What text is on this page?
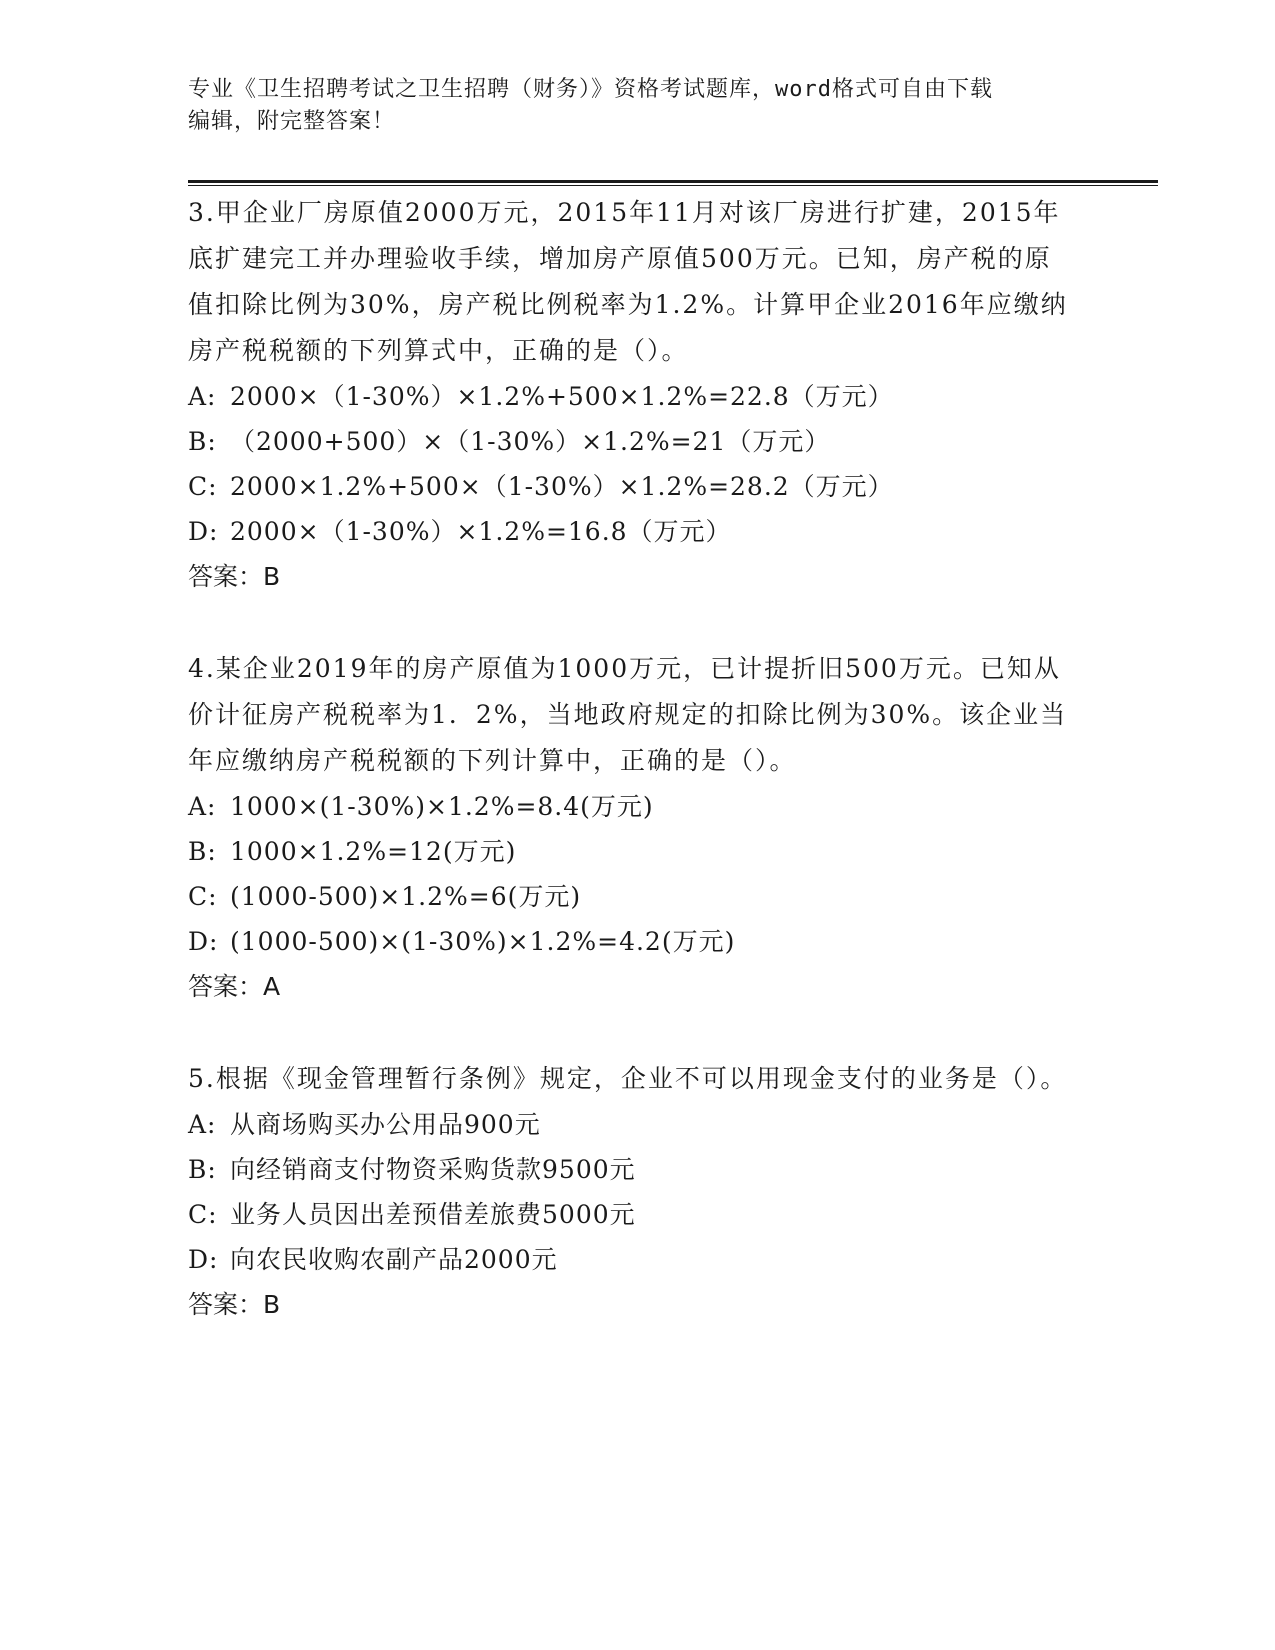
专业《卫生招聘考试之卫生招聘（财务）》资格考试题库，word格式可自由下载
编辑，附完整答案！
3.甲企业厂房原值2000万元，2015年11月对该厂房进行扩建，2015年底扩建完工并办理验收手续，增加房产原值500万元。已知，房产税的原值扣除比例为30%，房产税比例税率为1.2%。计算甲企业2016年应缴纳房产税税额的下列算式中，正确的是（）。
A: 2000×（1-30%）×1.2%+500×1.2%=22.8（万元）
B: （2000+500）×（1-30%）×1.2%=21（万元）
C: 2000×1.2%+500×（1-30%）×1.2%=28.2（万元）
D: 2000×（1-30%）×1.2%=16.8（万元）
答案：B
4.某企业2019年的房产原值为1000万元，已计提折旧500万元。已知从价计征房产税税率为1．2%，当地政府规定的扣除比例为30%。该企业当年应缴纳房产税税额的下列计算中，正确的是（）。
A: 1000×(1-30%)×1.2%=8.4(万元)
B: 1000×1.2%=12(万元)
C: (1000-500)×1.2%=6(万元)
D: (1000-500)×(1-30%)×1.2%=4.2(万元)
答案：A
5.根据《现金管理暂行条例》规定，企业不可以用现金支付的业务是（）。
A: 从商场购买办公用品900元
B: 向经销商支付物资采购货款9500元
C: 业务人员因出差预借差旅费5000元
D: 向农民收购农副产品2000元
答案：B
